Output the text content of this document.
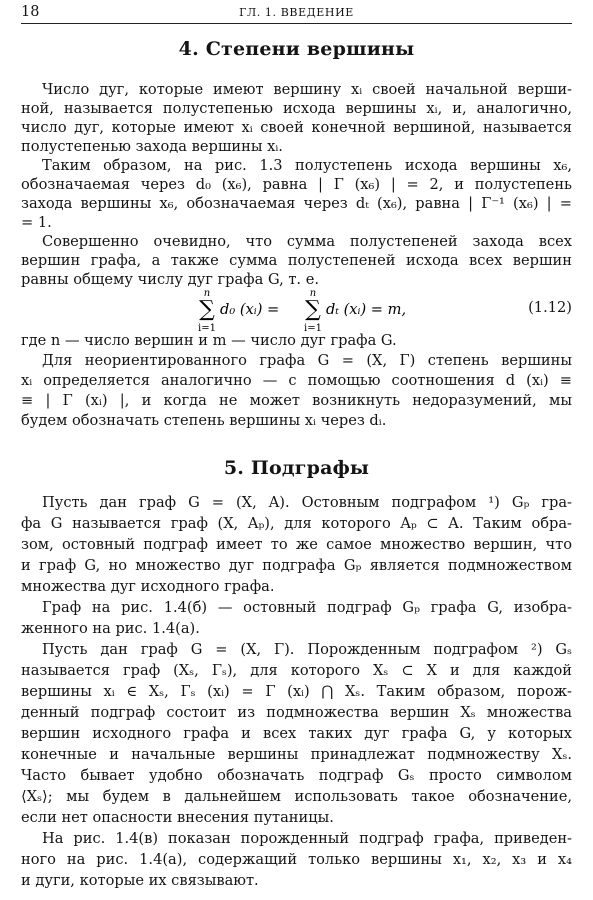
18	ГЛ. 1. ВВЕДЕНИЕ
4. Степени вершины
Число дуг, которые имеют вершину xᵢ своей начальной верши-
ной, называется полустепенью исхода вершины xᵢ, и, аналогично,
число дуг, которые имеют xᵢ своей конечной вершиной, называется
полустепенью захода вершины xᵢ.
Таким образом, на рис. 1.3 полустепень исхода вершины x₆,
обозначаемая через d₀ (x₆), равна | Γ (x₆) | = 2, и полустепень
захода вершины x₆, обозначаемая через dₜ (x₆), равна | Γ⁻¹ (x₆) | =
= 1.
Совершенно очевидно, что сумма полустепеней захода всех
вершин графа, а также сумма полустепеней исхода всех вершин
равны общему числу дуг графа G, т. е.
n
∑
i=1
d₀ (xᵢ) =
n
∑
i=1
dₜ (xᵢ) = m,	(1.12)
где n — число вершин и m — число дуг графа G.
Для неориентированного графа G = (X, Γ) степень вершины
xᵢ определяется аналогично — с помощью соотношения d (xᵢ) ≡
≡ | Γ (xᵢ) |, и когда не может возникнуть недоразумений, мы
будем обозначать степень вершины xᵢ через dᵢ.
5. Подграфы
Пусть дан граф G = (X, A). Остовным подграфом ¹) Gₚ гра-
фа G называется граф (X, Aₚ), для которого Aₚ ⊂ A. Таким обра-
зом, остовный подграф имеет то же самое множество вершин, что
и граф G, но множество дуг подграфа Gₚ является подмножеством
множества дуг исходного графа.
Граф на рис. 1.4(б) — остовный подграф Gₚ графа G, изобра-
женного на рис. 1.4(а).
Пусть дан граф G = (X, Γ). Порожденным подграфом ²) Gₛ
называется граф (Xₛ, Γₛ), для которого Xₛ ⊂ X и для каждой
вершины xᵢ ∈ Xₛ, Γₛ (xᵢ) = Γ (xᵢ) ⋂ Xₛ. Таким образом, порож-
денный подграф состоит из подмножества вершин Xₛ множества
вершин исходного графа и всех таких дуг графа G, у которых
конечные и начальные вершины принадлежат подмножеству Xₛ.
Часто бывает удобно обозначать подграф Gₛ просто символом
⟨Xₛ⟩; мы будем в дальнейшем использовать такое обозначение,
если нет опасности внесения путаницы.
На рис. 1.4(в) показан порожденный подграф графа, приведен-
ного на рис. 1.4(а), содержащий только вершины x₁, x₂, x₃ и x₄
и дуги, которые их связывают.
